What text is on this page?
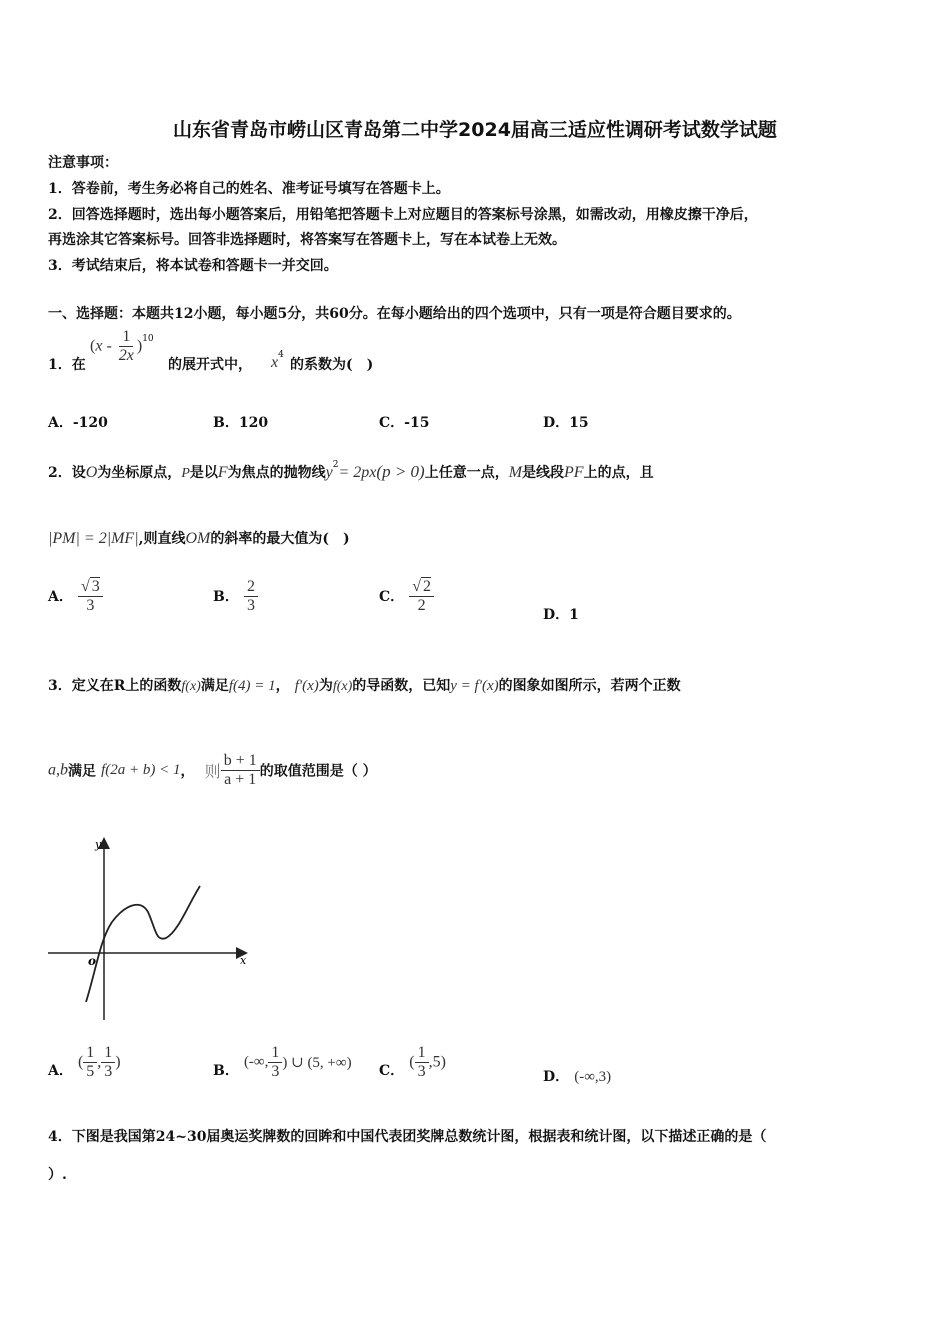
山东省青岛市崂山区青岛第二中学2024届高三适应性调研考试数学试题
注意事项：
1．答卷前，考生务必将自己的姓名、准考证号填写在答题卡上。
2．回答选择题时，选出每小题答案后，用铅笔把答题卡上对应题目的答案标号涂黑，如需改动，用橡皮擦干净后，
再选涂其它答案标号。回答非选择题时，将答案写在答题卡上，写在本试卷上无效。
3．考试结束后，将本试卷和答题卡一并交回。
一、选择题：本题共12小题，每小题5分，共60分。在每小题给出的四个选项中，只有一项是符合题目要求的。
1．在
$(x - \frac{1}{2x} )^{10}$
的展开式中， $x^4$
的系数为(　)
A．-120	B．120	C．-15	D．15
2．设O为坐标原点，P是以F为焦点的抛物线$y^2= 2px(p > 0)$上任意一点，M是线段PF上的点，且
|PM| = 2|MF|,则直线OM的斜率的最大值为(　)
A． $\frac{√ 3}{3}$	B． $\frac{2}{3}$	C． $\frac{√ 2}{2}$	D．1
3．定义在R上的函数f(x)满足f(4) = 1， f′(x)为f(x)的导函数，已知y = f′(x)的图象如图所示，若两个正数
a,b满足 f(2a + b) < 1， 则 $\frac{b + 1}{a + 1}$ 的取值范围是（ ）
y
x
o
A． ( $\frac{1}{5}$ , $\frac{1}{3}$ )
B． (-∞, $\frac{1}{3}$ ) ∪ (5, +∞) C． ( $\frac{1}{3} ,5$)
D． (-∞,3)
4．下图是我国第24~30届奥运奖牌数的回眸和中国代表团奖牌总数统计图，根据表和统计图，以下描述正确的是（
）.
